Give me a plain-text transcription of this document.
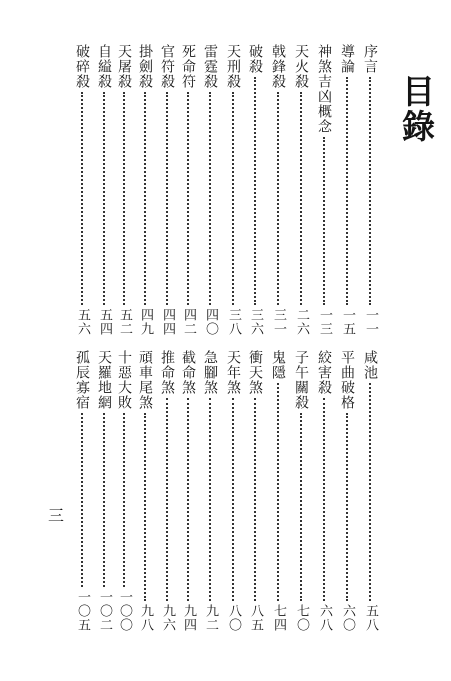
目錄
序言
一一
導論
一五
神煞吉凶概念
一三
天火殺
二六
戟鋒殺
三一
破殺
三六
天刑殺
三八
雷霆殺
四〇
死命符
四二
官符殺
四四
掛劍殺
四九
天屠殺
五二
自縊殺
五四
破碎殺
五六
咸池
五八
平曲破格
六〇
絞害殺
六八
子午關殺
七〇
鬼隱
七四
衝天煞
八五
天年煞
八〇
急腳煞
九二
截命煞
九四
推命煞
九六
頑車尾煞
九八
十惡大敗
一〇〇
天羅地網
一〇二
孤辰寡宿
一〇五
三
